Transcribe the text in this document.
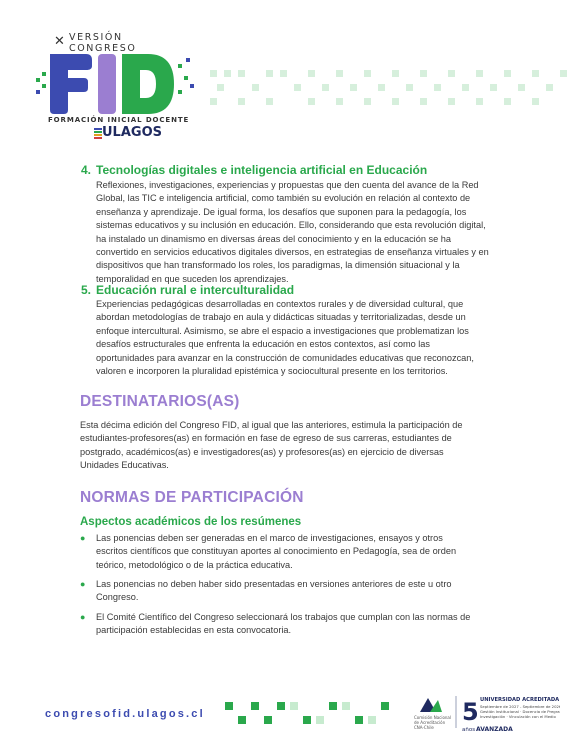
✕ VERSIÓN
CONGRESO
FORMACIÓN INICIAL DOCENTE
ULAGOS
4. Tecnologías digitales e inteligencia artificial en Educación

Reflexiones, investigaciones, experiencias y propuestas que den cuenta del avance de la Red

Global, las TIC e inteligencia artificial, como también su evolución en relación al contexto de

enseñanza y aprendizaje. De igual forma, los desafíos que suponen para la pedagogía, los

sistemas educativos y su inclusión en educación. Ello, considerando que esta revolución digital,

ha instalado un dinamismo en diversas áreas del conocimiento y en la educación se ha

convertido en servicios educativos digitales diversos, en estrategias de enseñanza virtuales y en

dispositivos que han transformado los roles, los paradigmas, la dimensión situacional y la

temporalidad en que suceden los aprendizajes.

5. Educación rural e interculturalidad

Experiencias pedagógicas desarrolladas en contextos rurales y de diversidad cultural, que

abordan metodologías de trabajo en aula y didácticas situadas y territorializadas, desde un

enfoque intercultural. Asimismo, se abre el espacio a investigaciones que problematizan los

desafíos estructurales que enfrenta la educación en estos contextos, así como las

oportunidades para avanzar en la construcción de comunidades educativas que reconozcan,

valoren e incorporen la pluralidad epistémica y sociocultural presente en los territorios.

DESTINATARIOS(AS)

Esta décima edición del Congreso FID, al igual que las anteriores, estimula la participación de

estudiantes-profesores(as) en formación en fase de egreso de sus carreras, estudiantes de

postgrado, académicos(as) e investigadores(as) y profesores(as) en ejercicio de diversas

Unidades Educativas.

NORMAS DE PARTICIPACIÓN
Aspectos académicos de los resúmenes
● Las ponencias deben ser generadas en el marco de investigaciones, ensayos y otros

escritos científicos que constituyan aportes al conocimiento en Pedagogía, sea de orden

teórico, metodológico o de la práctica educativa.

● Las ponencias no deben haber sido presentadas en versiones anteriores de este u otro

Congreso.

● El Comité Científico del Congreso seleccionará los trabajos que cumplan con las normas de

participación establecidas en esta convocatoria.

congresofid.ulagos.cl	5
años
Comisión Nacional
de Acreditación
CNA-Chile
UNIVERSIDAD ACREDITADA
Septiembre de 2027 - Septiembre de 2026
Gestión Institucional · Docencia de Pregrado
Investigación · Vinculación con el Medio
AVANZADA
